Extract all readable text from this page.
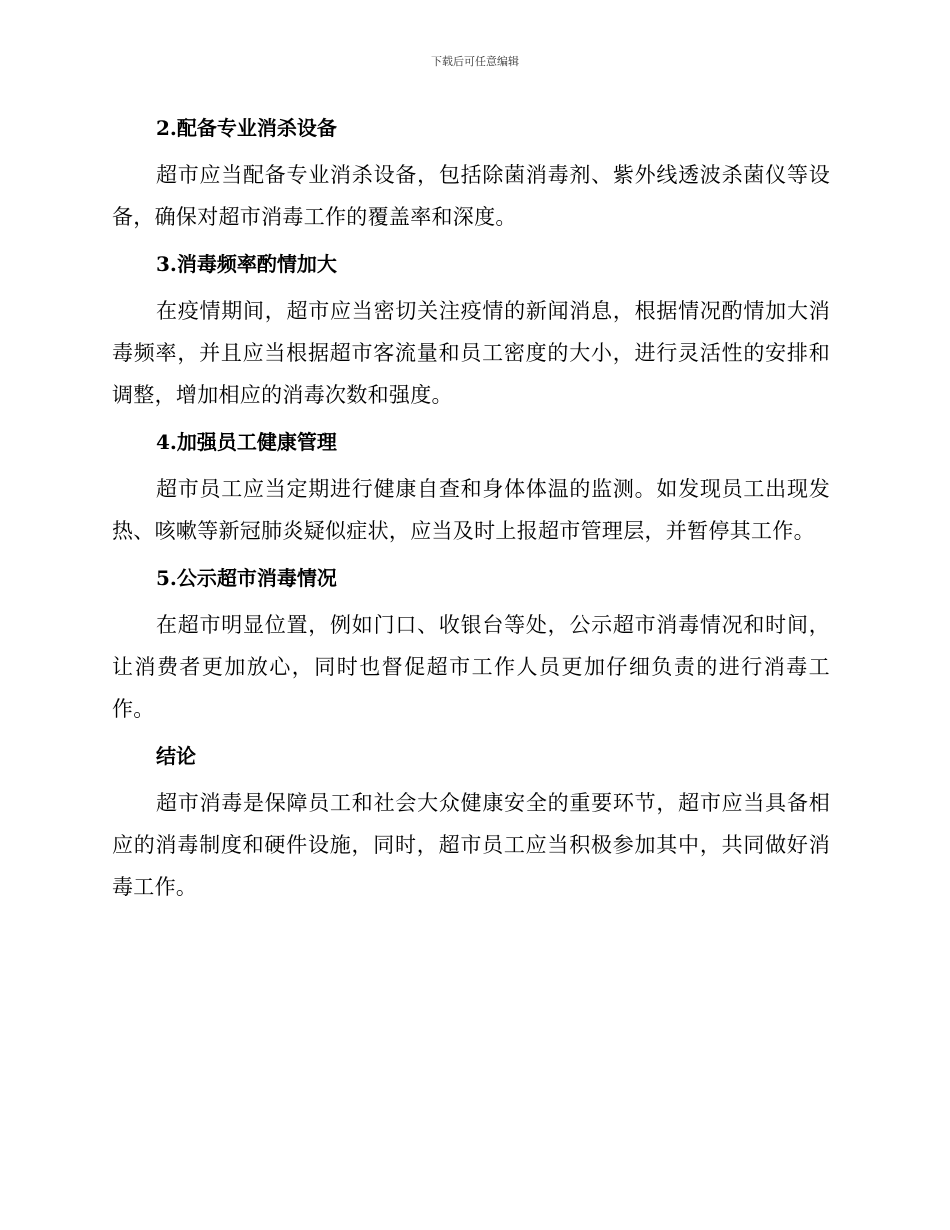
下载后可任意编辑
2.配备专业消杀设备

超市应当配备专业消杀设备，包括除菌消毒剂、紫外线透波杀菌仪等设备，确保对超市消毒工作的覆盖率和深度。

3.消毒频率酌情加大

在疫情期间，超市应当密切关注疫情的新闻消息，根据情况酌情加大消毒频率，并且应当根据超市客流量和员工密度的大小，进行灵活性的安排和调整，增加相应的消毒次数和强度。

4.加强员工健康管理

超市员工应当定期进行健康自查和身体体温的监测。如发现员工出现发热、咳嗽等新冠肺炎疑似症状，应当及时上报超市管理层，并暂停其工作。

5.公示超市消毒情况

在超市明显位置，例如门口、收银台等处，公示超市消毒情况和时间，让消费者更加放心，同时也督促超市工作人员更加仔细负责的进行消毒工作。

结论

超市消毒是保障员工和社会大众健康安全的重要环节，超市应当具备相应的消毒制度和硬件设施，同时，超市员工应当积极参加其中，共同做好消毒工作。
